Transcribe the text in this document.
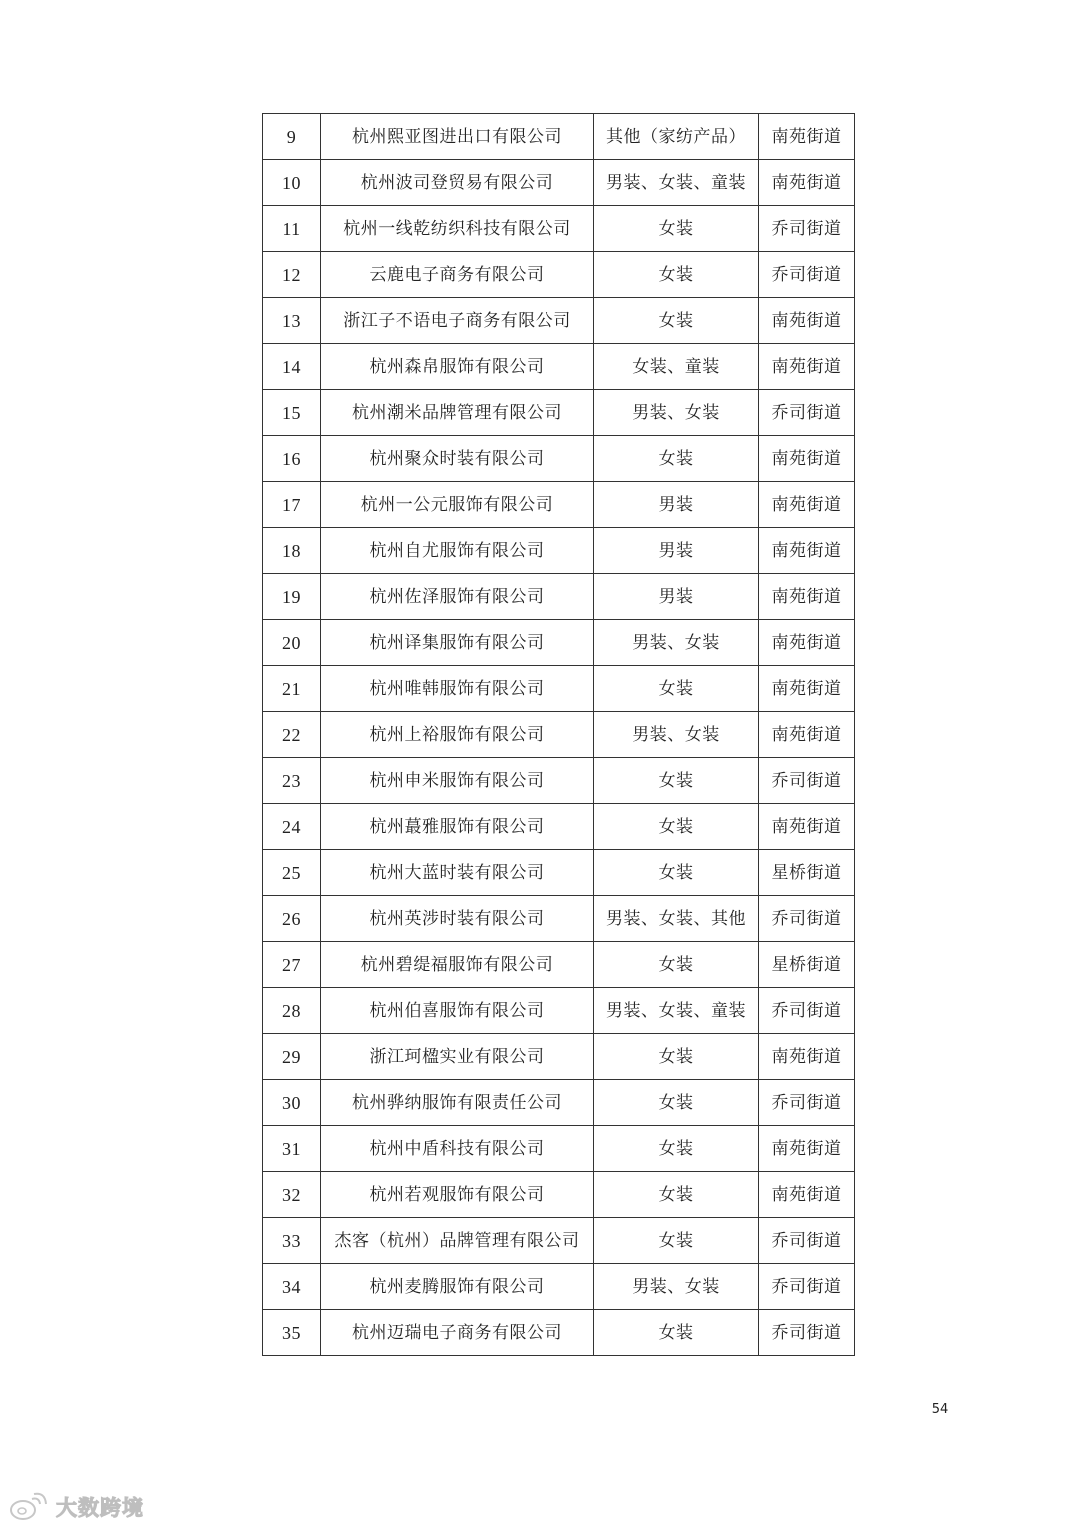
9	杭州熙亚图进出口有限公司	其他（家纺产品）	南苑街道
10	杭州波司登贸易有限公司	男装、女装、童装	南苑街道
11	杭州一线乾纺织科技有限公司	女装	乔司街道
12	云鹿电子商务有限公司	女装	乔司街道
13	浙江子不语电子商务有限公司	女装	南苑街道
14	杭州森帛服饰有限公司	女装、童装	南苑街道
15	杭州潮米品牌管理有限公司	男装、女装	乔司街道
16	杭州聚众时装有限公司	女装	南苑街道
17	杭州一公元服饰有限公司	男装	南苑街道
18	杭州自尤服饰有限公司	男装	南苑街道
19	杭州佐泽服饰有限公司	男装	南苑街道
20	杭州译集服饰有限公司	男装、女装	南苑街道
21	杭州唯韩服饰有限公司	女装	南苑街道
22	杭州上裕服饰有限公司	男装、女装	南苑街道
23	杭州申米服饰有限公司	女装	乔司街道
24	杭州蕞雅服饰有限公司	女装	南苑街道
25	杭州大蓝时装有限公司	女装	星桥街道
26	杭州英涉时装有限公司	男装、女装、其他	乔司街道
27	杭州碧缇福服饰有限公司	女装	星桥街道
28	杭州伯喜服饰有限公司	男装、女装、童装	乔司街道
29	浙江珂楹实业有限公司	女装	南苑街道
30	杭州骅纳服饰有限责任公司	女装	乔司街道
31	杭州中盾科技有限公司	女装	南苑街道
32	杭州若观服饰有限公司	女装	南苑街道
33	杰客（杭州）品牌管理有限公司	女装	乔司街道
34	杭州麦腾服饰有限公司	男装、女装	乔司街道
35	杭州迈瑞电子商务有限公司	女装	乔司街道
54
大数跨境
